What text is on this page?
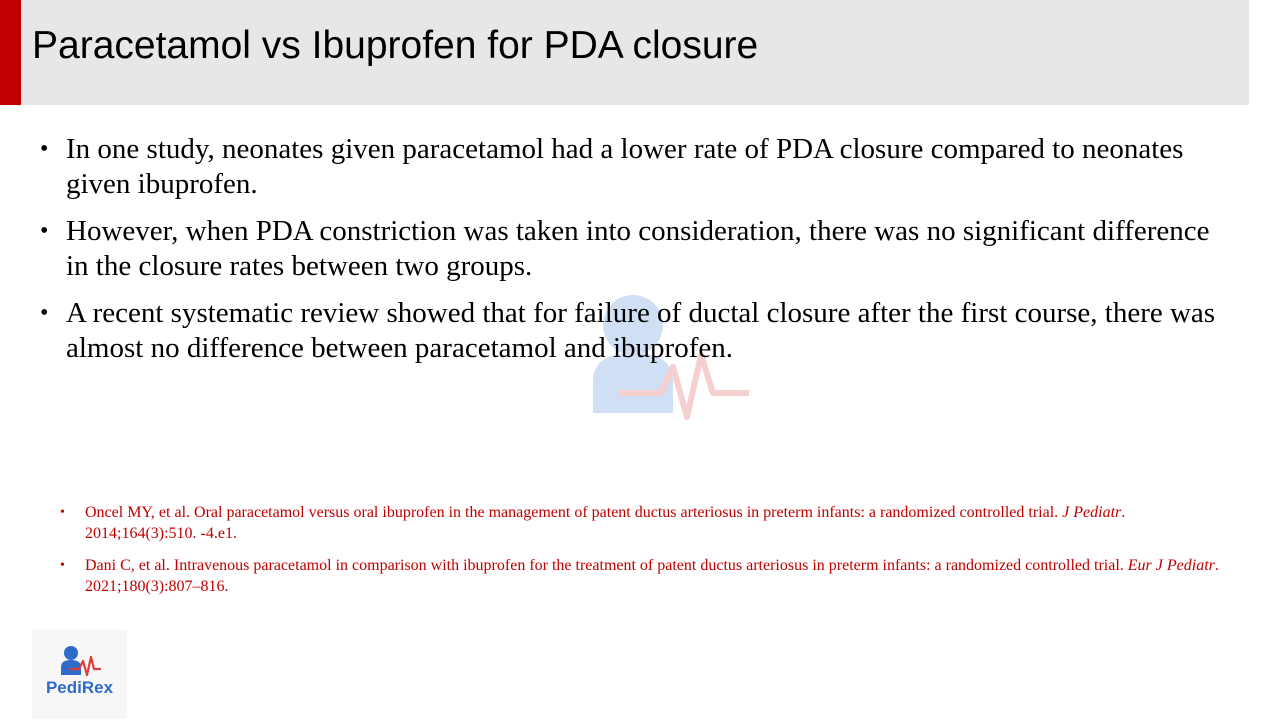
Paracetamol vs Ibuprofen for PDA closure
• In one study, neonates given paracetamol had a lower rate of PDA closure compared to neonates given ibuprofen.
• However, when PDA constriction was taken into consideration, there was no significant difference in the closure rates between two groups.
• A recent systematic review showed that for failure of ductal closure after the first course, there was almost no difference between paracetamol and ibuprofen.
• Oncel MY, et al. Oral paracetamol versus oral ibuprofen in the management of patent ductus arteriosus in preterm infants: a randomized controlled trial. J Pediatr. 2014;164(3):510. -4.e1.
• Dani C, et al. Intravenous paracetamol in comparison with ibuprofen for the treatment of patent ductus arteriosus in preterm infants: a randomized controlled trial. Eur J Pediatr. 2021;180(3):807–816.
PediRex
